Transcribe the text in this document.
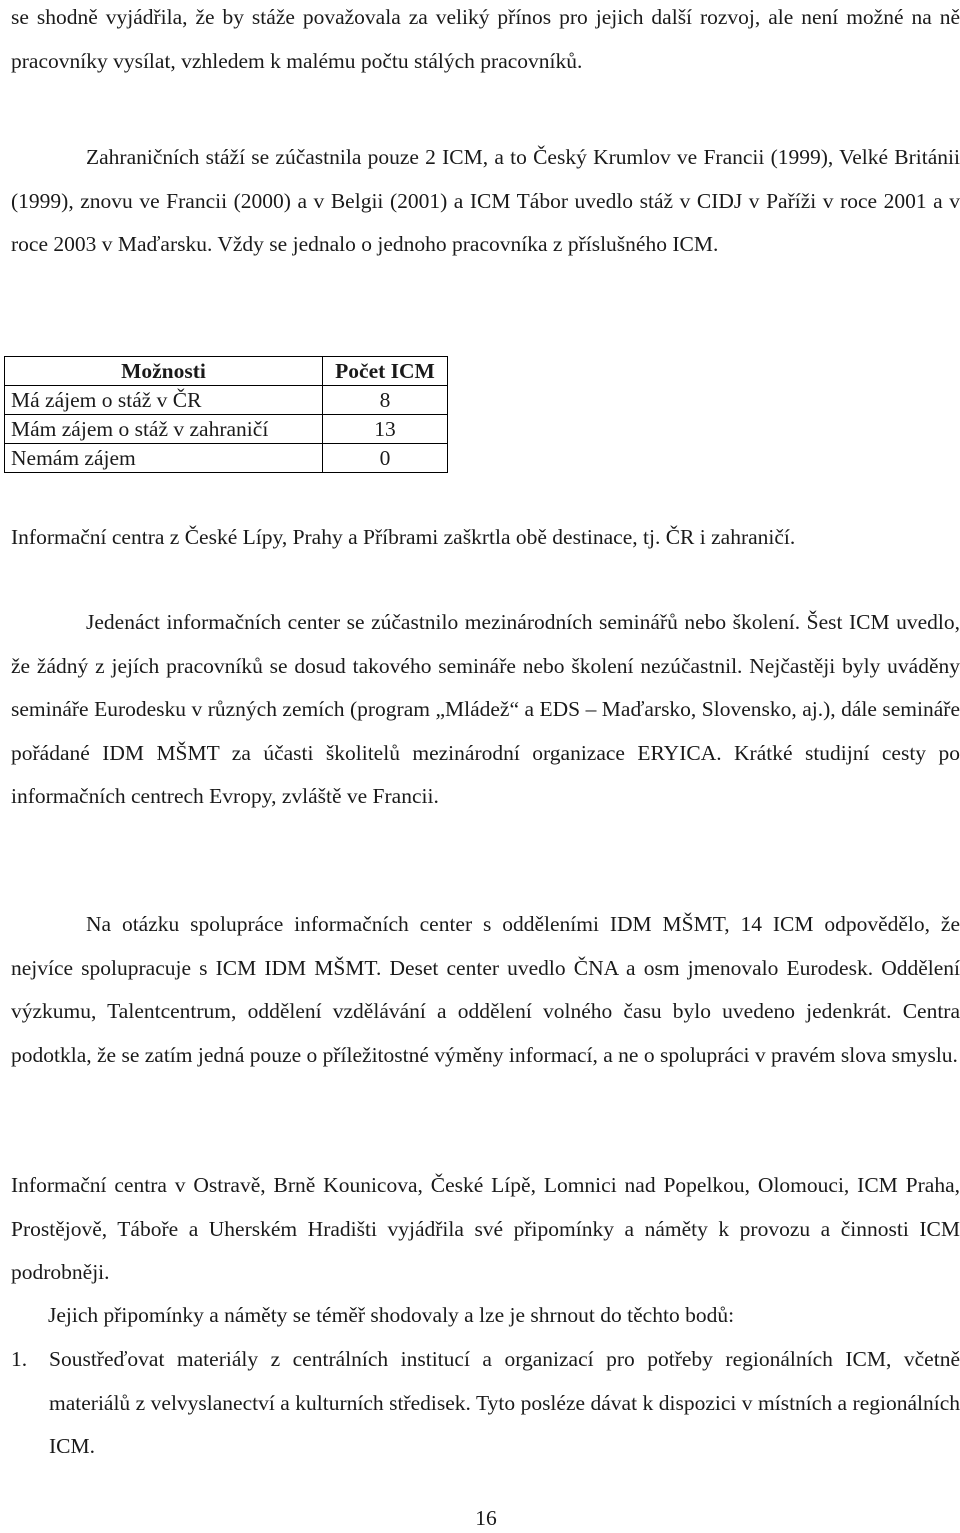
se shodně vyjádřila, že by stáže považovala za veliký přínos pro jejich další rozvoj, ale není možné na ně pracovníky vysílat, vzhledem k malému počtu stálých pracovníků.

Zahraničních stáží se zúčastnila pouze 2 ICM, a to Český Krumlov ve Francii (1999), Velké Británii (1999), znovu ve Francii (2000) a v Belgii (2001) a ICM Tábor uvedlo stáž v CIDJ v Paříži v roce 2001 a v roce 2003 v Maďarsku. Vždy se jednalo o jednoho pracovníka z příslušného ICM.

Možnosti	Počet ICM
Má zájem o stáž v ČR	8
Mám zájem o stáž v zahraničí	13
Nemám zájem	0

Informační centra z České Lípy, Prahy a Příbrami zaškrtla obě destinace, tj. ČR i zahraničí.

Jedenáct informačních center se zúčastnilo mezinárodních seminářů nebo školení. Šest ICM uvedlo, že žádný z jejích pracovníků se dosud takového semináře nebo školení nezúčastnil. Nejčastěji byly uváděny semináře Eurodesku v různých zemích (program „Mládež“ a EDS – Maďarsko, Slovensko, aj.), dále semináře pořádané IDM MŠMT za účasti školitelů mezinárodní organizace ERYICA. Krátké studijní cesty po informačních centrech Evropy, zvláště ve Francii.

Na otázku spolupráce informačních center s odděleními IDM MŠMT, 14 ICM odpovědělo, že nejvíce spolupracuje s ICM IDM MŠMT. Deset center uvedlo ČNA a osm jmenovalo Eurodesk. Oddělení výzkumu, Talentcentrum, oddělení vzdělávání a oddělení volného času bylo uvedeno jedenkrát. Centra podotkla, že se zatím jedná pouze o příležitostné výměny informací, a ne o spolupráci v pravém slova smyslu.

Informační centra v Ostravě, Brně Kounicova, České Lípě, Lomnici nad Popelkou, Olomouci, ICM Praha, Prostějově, Táboře a Uherském Hradišti vyjádřila své připomínky a náměty k provozu a činnosti ICM podrobněji.

Jejich připomínky a náměty se téměř shodovaly a lze je shrnout do těchto bodů:

1. Soustřeďovat materiály z centrálních institucí a organizací pro potřeby regionálních ICM, včetně materiálů z velvyslanectví a kulturních středisek. Tyto posléze dávat k dispozici v místních a regionálních ICM.

16
